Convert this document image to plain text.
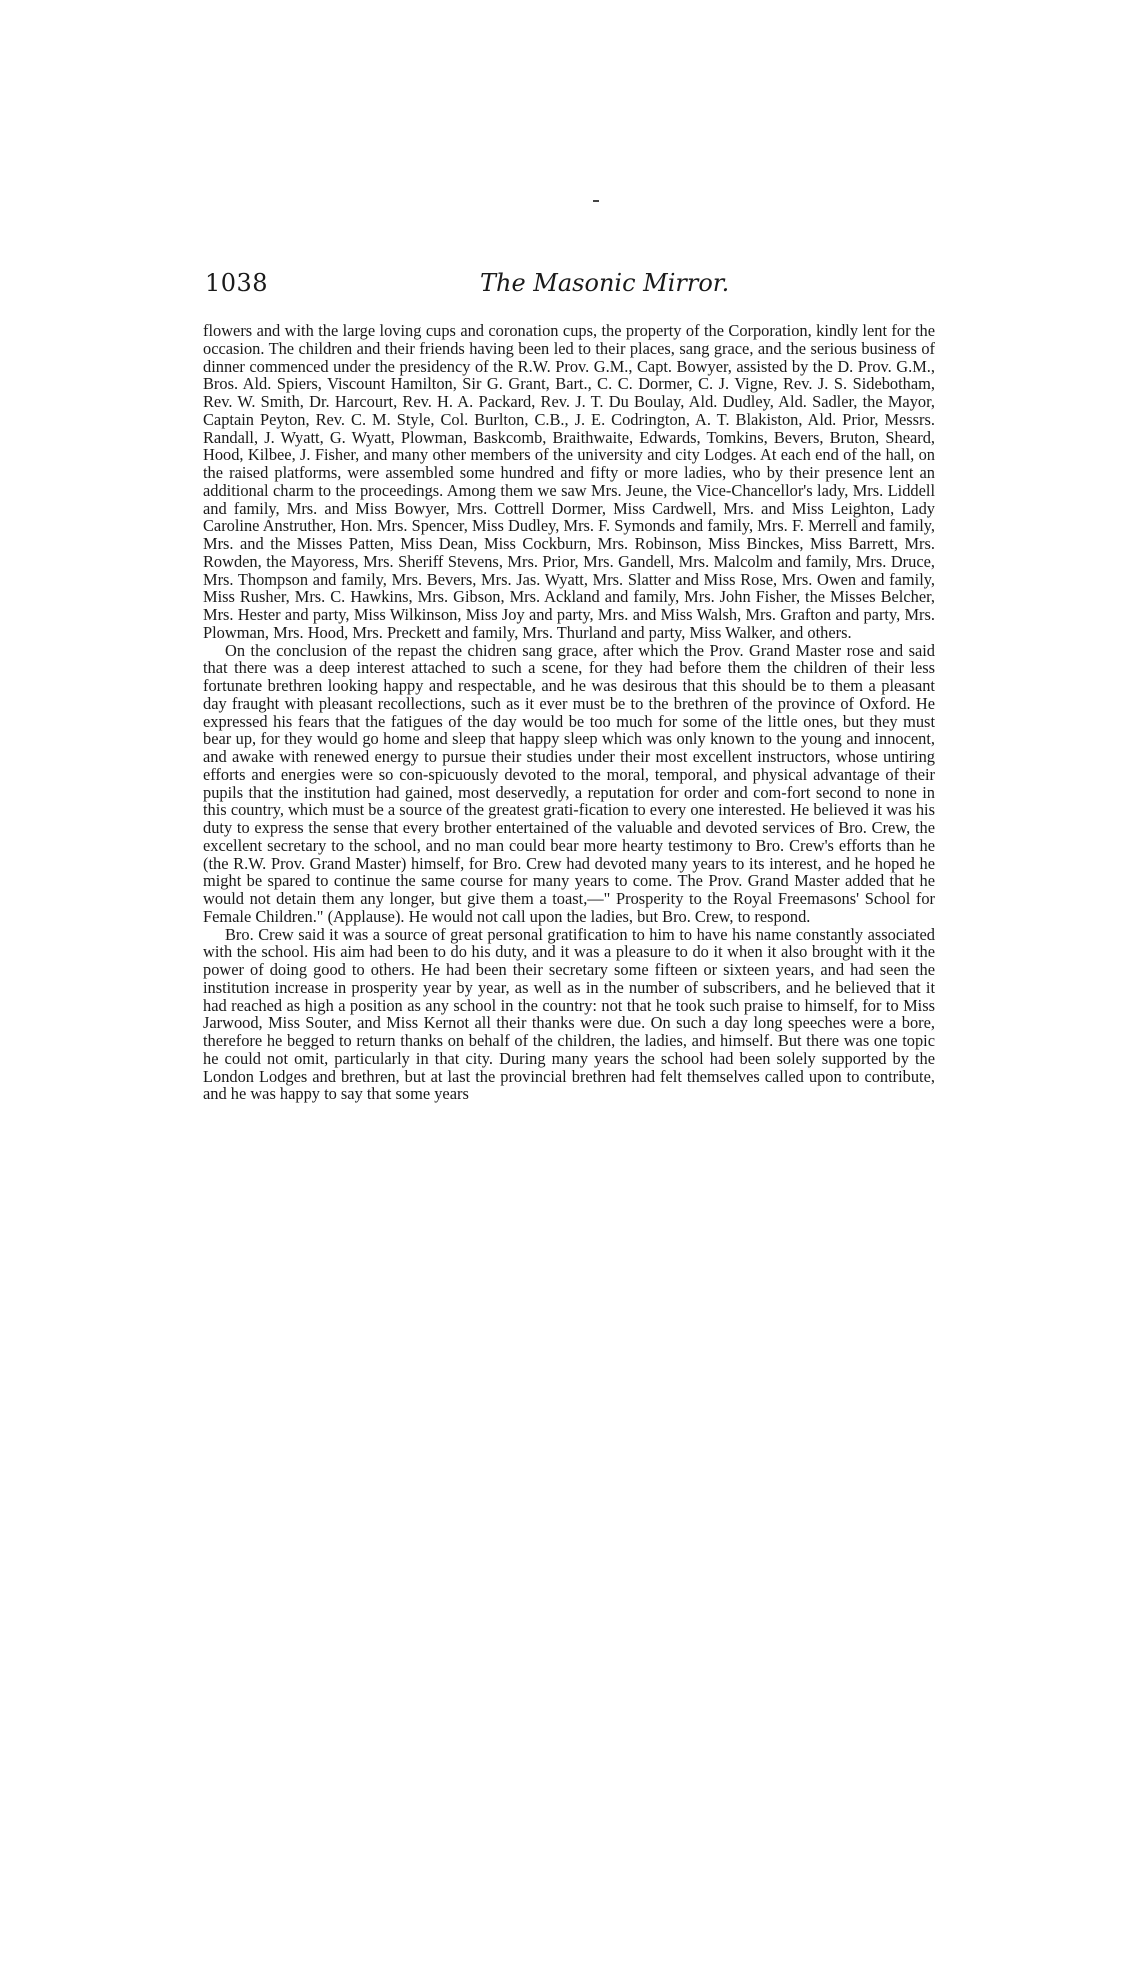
1038	The Masonic Mirror.

flowers and with the large loving cups and coronation cups, the property of the Corporation, kindly lent for the occasion. The children and their friends having been led to their places, sang grace, and the serious business of dinner commenced under the presidency of the R.W. Prov. G.M., Capt. Bowyer, assisted by the D. Prov. G.M., Bros. Ald. Spiers, Viscount Hamilton, Sir G. Grant, Bart., C. C. Dormer, C. J. Vigne, Rev. J. S. Sidebotham, Rev. W. Smith, Dr. Harcourt, Rev. H. A. Packard, Rev. J. T. Du Boulay, Ald. Dudley, Ald. Sadler, the Mayor, Captain Peyton, Rev. C. M. Style, Col. Burlton, C.B., J. E. Codrington, A. T. Blakiston, Ald. Prior, Messrs. Randall, J. Wyatt, G. Wyatt, Plowman, Baskcomb, Braithwaite, Edwards, Tomkins, Bevers, Bruton, Sheard, Hood, Kilbee, J. Fisher, and many other members of the university and city Lodges. At each end of the hall, on the raised platforms, were assembled some hundred and fifty or more ladies, who by their presence lent an additional charm to the proceedings. Among them we saw Mrs. Jeune, the Vice-Chancellor's lady, Mrs. Liddell and family, Mrs. and Miss Bowyer, Mrs. Cottrell Dormer, Miss Cardwell, Mrs. and Miss Leighton, Lady Caroline Anstruther, Hon. Mrs. Spencer, Miss Dudley, Mrs. F. Symonds and family, Mrs. F. Merrell and family, Mrs. and the Misses Patten, Miss Dean, Miss Cockburn, Mrs. Robinson, Miss Binckes, Miss Barrett, Mrs. Rowden, the Mayoress, Mrs. Sheriff Stevens, Mrs. Prior, Mrs. Gandell, Mrs. Malcolm and family, Mrs. Druce, Mrs. Thompson and family, Mrs. Bevers, Mrs. Jas. Wyatt, Mrs. Slatter and Miss Rose, Mrs. Owen and family, Miss Rusher, Mrs. C. Hawkins, Mrs. Gibson, Mrs. Ackland and family, Mrs. John Fisher, the Misses Belcher, Mrs. Hester and party, Miss Wilkinson, Miss Joy and party, Mrs. and Miss Walsh, Mrs. Grafton and party, Mrs. Plowman, Mrs. Hood, Mrs. Preckett and family, Mrs. Thurland and party, Miss Walker, and others.

On the conclusion of the repast the chidren sang grace, after which the Prov. Grand Master rose and said that there was a deep interest attached to such a scene, for they had before them the children of their less fortunate brethren looking happy and respectable, and he was desirous that this should be to them a pleasant day fraught with pleasant recollections, such as it ever must be to the brethren of the province of Oxford. He expressed his fears that the fatigues of the day would be too much for some of the little ones, but they must bear up, for they would go home and sleep that happy sleep which was only known to the young and innocent, and awake with renewed energy to pursue their studies under their most excellent instructors, whose untiring efforts and energies were so con-spicuously devoted to the moral, temporal, and physical advantage of their pupils that the institution had gained, most deservedly, a reputation for order and com-fort second to none in this country, which must be a source of the greatest grati-fication to every one interested. He believed it was his duty to express the sense that every brother entertained of the valuable and devoted services of Bro. Crew, the excellent secretary to the school, and no man could bear more hearty testimony to Bro. Crew's efforts than he (the R.W. Prov. Grand Master) himself, for Bro. Crew had devoted many years to its interest, and he hoped he might be spared to continue the same course for many years to come. The Prov. Grand Master added that he would not detain them any longer, but give them a toast,—" Prosperity to the Royal Freemasons' School for Female Children." (Applause). He would not call upon the ladies, but Bro. Crew, to respond.

Bro. Crew said it was a source of great personal gratification to him to have his name constantly associated with the school. His aim had been to do his duty, and it was a pleasure to do it when it also brought with it the power of doing good to others. He had been their secretary some fifteen or sixteen years, and had seen the institution increase in prosperity year by year, as well as in the number of subscribers, and he believed that it had reached as high a position as any school in the country: not that he took such praise to himself, for to Miss Jarwood, Miss Souter, and Miss Kernot all their thanks were due. On such a day long speeches were a bore, therefore he begged to return thanks on behalf of the children, the ladies, and himself. But there was one topic he could not omit, particularly in that city. During many years the school had been solely supported by the London Lodges and brethren, but at last the provincial brethren had felt themselves called upon to contribute, and he was happy to say that some years
